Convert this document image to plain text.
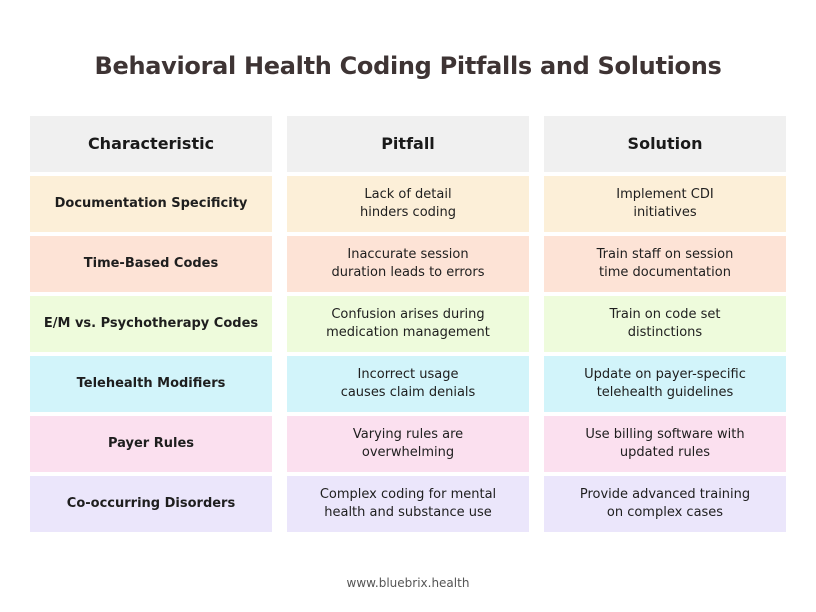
Behavioral Health Coding Pitfalls and Solutions
Characteristic	Pitfall	Solution
Documentation Specificity
Lack of detail
hinders coding
Implement CDI
initiatives
Time-Based Codes
Inaccurate session
duration leads to errors
Train staff on session
time documentation
E/M vs. Psychotherapy Codes
Confusion arises during
medication management
Train on code set
distinctions
Telehealth Modifiers
Incorrect usage
causes claim denials
Update on payer-specific
telehealth guidelines
Payer Rules
Varying rules are
overwhelming
Use billing software with
updated rules
Co-occurring Disorders
Complex coding for mental
health and substance use
Provide advanced training
on complex cases
www.bluebrix.health
